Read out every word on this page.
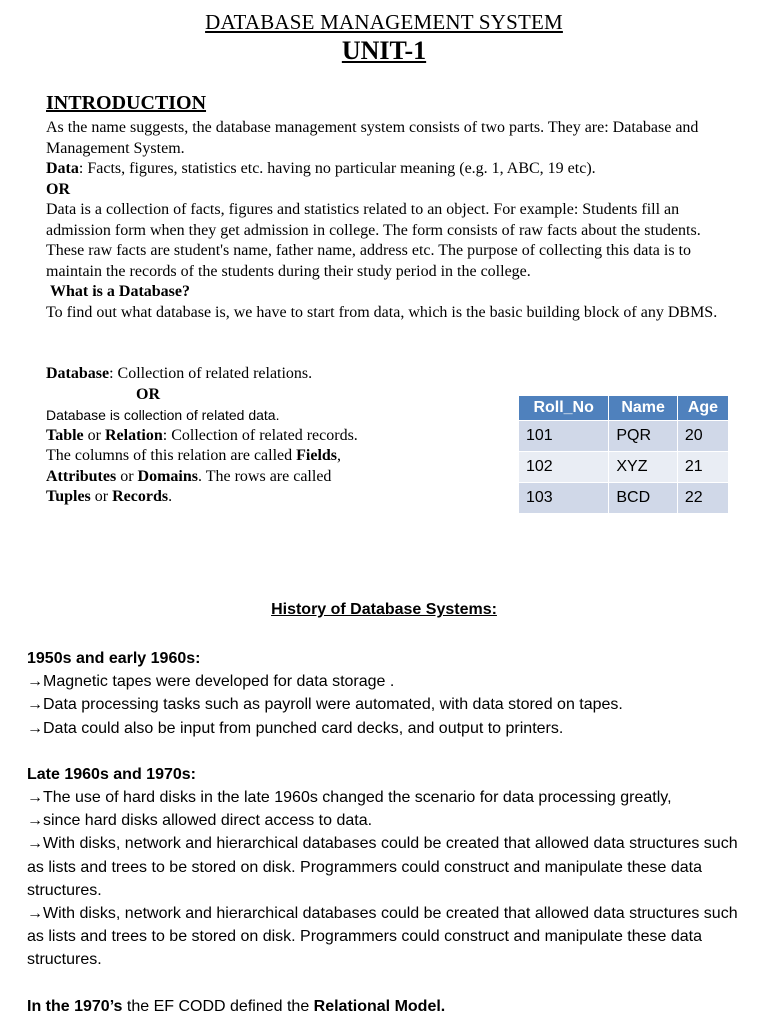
DATABASE MANAGEMENT SYSTEM
UNIT-1
INTRODUCTION

As the name suggests, the database management system consists of two parts. They are: Database and Management System.

Data: Facts, figures, statistics etc. having no particular meaning (e.g. 1, ABC, 19 etc).

OR

Data is a collection of facts, figures and statistics related to an object. For example: Students fill an admission form when they get admission in college. The form consists of raw facts about the students. These raw facts are student's name, father name, address etc. The purpose of collecting this data is to maintain the records of the students during their study period in the college.

What is a Database?

To find out what database is, we have to start from data, which is the basic building block of any DBMS.

Database: Collection of related relations.

OR

Database is collection of related data.

Table or Relation: Collection of related records.

The columns of this relation are called Fields,
Attributes or Domains. The rows are called
Tuples or Records.

Roll_No	Name	Age
101	PQR	20
102	XYZ	21
103	BCD	22
History of Database Systems:

1950s and early 1960s:

→Magnetic tapes were developed for data storage .

→Data processing tasks such as payroll were automated, with data stored on tapes.

→Data could also be input from punched card decks, and output to printers.

Late 1960s and 1970s:

→The use of hard disks in the late 1960s changed the scenario for data processing greatly,

→since hard disks allowed direct access to data.

→With disks, network and hierarchical databases could be created that allowed data structures such as lists and trees to be stored on disk. Programmers could construct and manipulate these data structures.

→With disks, network and hierarchical databases could be created that allowed data structures such as lists and trees to be stored on disk. Programmers could construct and manipulate these data structures.

In the 1970’s the EF CODD defined the Relational Model.
